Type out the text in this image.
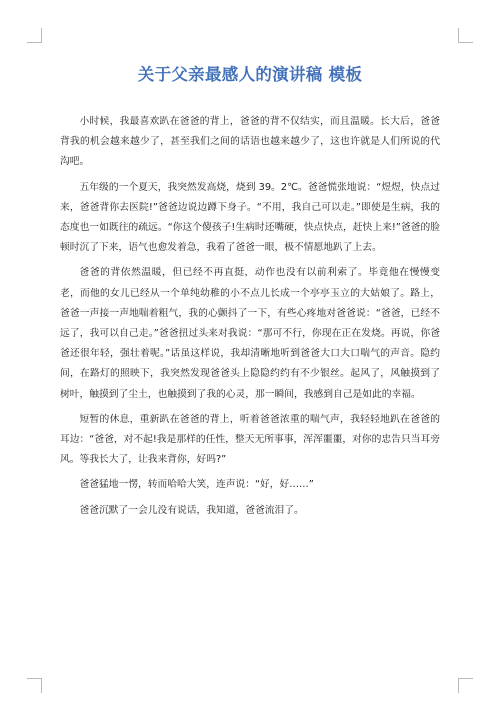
关于父亲最感人的演讲稿 模板

小时候，我最喜欢趴在爸爸的背上，爸爸的背不仅结实，而且温暖。长大后，爸爸背我的机会越来越少了，甚至我们之间的话语也越来越少了，这也许就是人们所说的代沟吧。

五年级的一个夏天，我突然发高烧，烧到 39。2℃。爸爸慌张地说：“煜煜，快点过来，爸爸背你去医院!”爸爸边说边蹲下身子。“不用，我自己可以走。”即使是生病，我的态度也一如既往的疏远。“你这个傻孩子!生病时还嘴硬，快点快点，赶快上来!”爸爸的脸顿时沉了下来，语气也愈发着急，我看了爸爸一眼，极不情愿地趴了上去。

爸爸的背依然温暖，但已经不再直挺，动作也没有以前利索了。毕竟他在慢慢变老，而他的女儿已经从一个单纯幼稚的小不点儿长成一个亭亭玉立的大姑娘了。路上，爸爸一声接一声地喘着粗气，我的心颤抖了一下，有些心疼地对爸爸说：“爸爸，已经不远了，我可以自己走。”爸爸扭过头来对我说：“那可不行，你现在正在发烧。再说，你爸爸还很年轻，强壮着呢。”话虽这样说，我却清晰地听到爸爸大口大口喘气的声音。隐约间，在路灯的照映下，我突然发现爸爸头上隐隐约约有不少银丝。起风了，风触摸到了树叶，触摸到了尘土，也触摸到了我的心灵，那一瞬间，我感到自己是如此的幸福。

短暂的休息，重新趴在爸爸的背上，听着爸爸浓重的喘气声，我轻轻地趴在爸爸的耳边：“爸爸，对不起!我是那样的任性，整天无所事事，浑浑噩噩，对你的忠告只当耳旁风。等我长大了，让我来背你，好吗?”

爸爸猛地一愣，转而哈哈大笑，连声说：“好，好……”

爸爸沉默了一会儿没有说话，我知道，爸爸流泪了。
